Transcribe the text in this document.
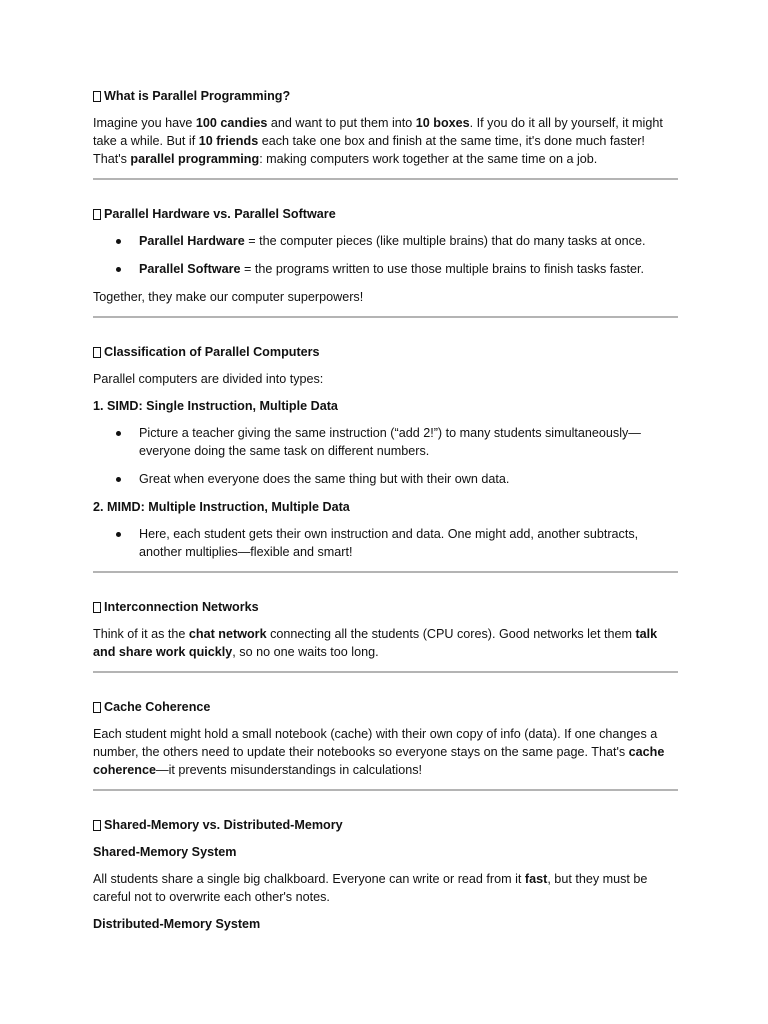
What is Parallel Programming?

Imagine you have 100 candies and want to put them into 10 boxes. If you do it all by yourself, it might take a while. But if 10 friends each take one box and finish at the same time, it's done much faster! That's parallel programming: making computers work together at the same time on a job.

Parallel Hardware vs. Parallel Software
Parallel Hardware = the computer pieces (like multiple brains) that do many tasks at once.
Parallel Software = the programs written to use those multiple brains to finish tasks faster.

Together, they make our computer superpowers!

Classification of Parallel Computers

Parallel computers are divided into types:

1. SIMD: Single Instruction, Multiple Data
Picture a teacher giving the same instruction (“add 2!”) to many students simultaneously—everyone doing the same task on different numbers.
Great when everyone does the same thing but with their own data.
2. MIMD: Multiple Instruction, Multiple Data
Here, each student gets their own instruction and data. One might add, another subtracts, another multiplies—flexible and smart!
Interconnection Networks

Think of it as the chat network connecting all the students (CPU cores). Good networks let them talk and share work quickly, so no one waits too long.

Cache Coherence

Each student might hold a small notebook (cache) with their own copy of info (data). If one changes a number, the others need to update their notebooks so everyone stays on the same page. That's cache coherence—it prevents misunderstandings in calculations!

Shared-Memory vs. Distributed-Memory
Shared-Memory System

All students share a single big chalkboard. Everyone can write or read from it fast, but they must be careful not to overwrite each other's notes.

Distributed-Memory System
